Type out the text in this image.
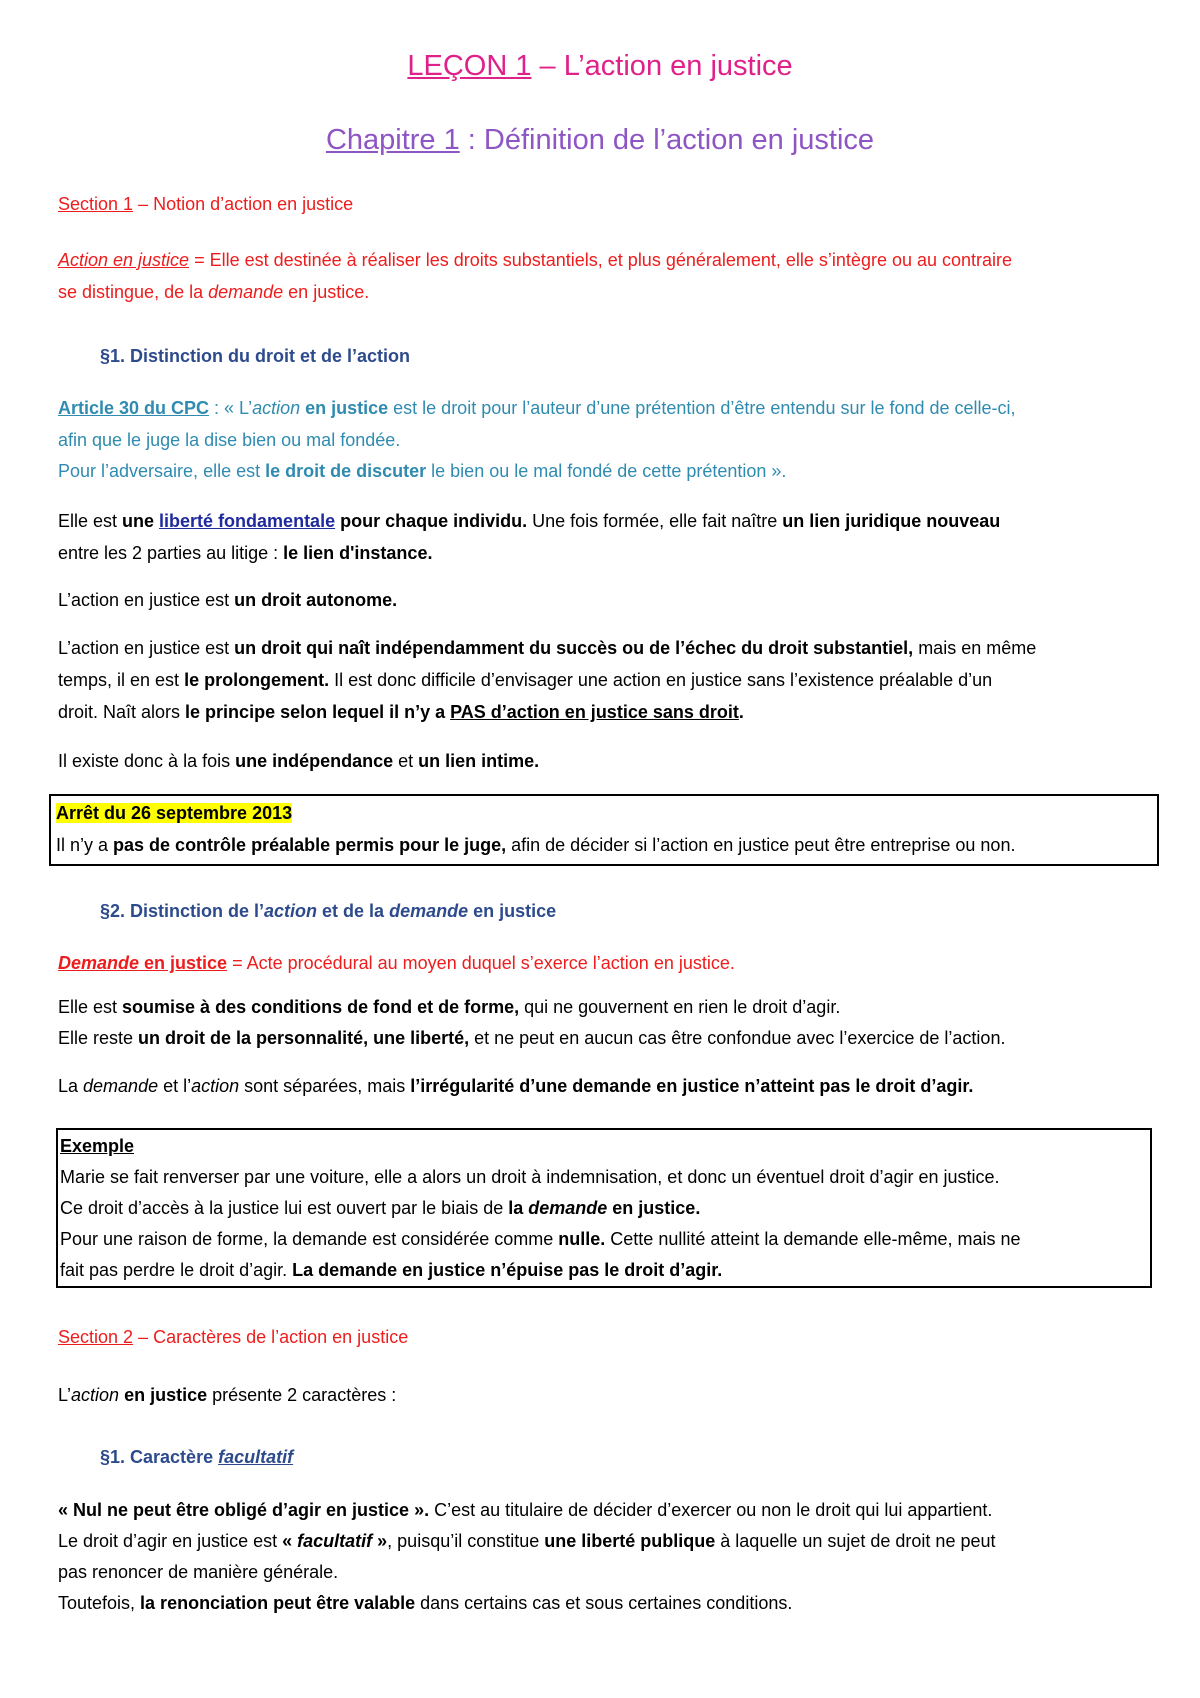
LEÇON 1 – L’action en justice
Chapitre 1 : Définition de l’action en justice
Section 1 – Notion d’action en justice
Action en justice = Elle est destinée à réaliser les droits substantiels, et plus généralement, elle s’intègre ou au contraire
se distingue, de la demande en justice.
§1. Distinction du droit et de l’action
Article 30 du CPC : « L’action en justice est le droit pour l’auteur d’une prétention d’être entendu sur le fond de celle-ci,
afin que le juge la dise bien ou mal fondée.
Pour l’adversaire, elle est le droit de discuter le bien ou le mal fondé de cette prétention ».
Elle est une liberté fondamentale pour chaque individu. Une fois formée, elle fait naître un lien juridique nouveau
entre les 2 parties au litige : le lien d'instance.
L’action en justice est un droit autonome.
L’action en justice est un droit qui naît indépendamment du succès ou de l’échec du droit substantiel, mais en même
temps, il en est le prolongement. Il est donc difficile d’envisager une action en justice sans l’existence préalable d’un
droit. Naît alors le principe selon lequel il n’y a PAS d’action en justice sans droit.
Il existe donc à la fois une indépendance et un lien intime.
Arrêt du 26 septembre 2013
Il n’y a pas de contrôle préalable permis pour le juge, afin de décider si l’action en justice peut être entreprise ou non.
§2. Distinction de l’action et de la demande en justice
Demande en justice = Acte procédural au moyen duquel s’exerce l’action en justice.
Elle est soumise à des conditions de fond et de forme, qui ne gouvernent en rien le droit d’agir.
Elle reste un droit de la personnalité, une liberté, et ne peut en aucun cas être confondue avec l’exercice de l’action.
La demande et l’action sont séparées, mais l’irrégularité d’une demande en justice n’atteint pas le droit d’agir.
Exemple
Marie se fait renverser par une voiture, elle a alors un droit à indemnisation, et donc un éventuel droit d’agir en justice.
Ce droit d’accès à la justice lui est ouvert par le biais de la demande en justice.
Pour une raison de forme, la demande est considérée comme nulle. Cette nullité atteint la demande elle-même, mais ne
fait pas perdre le droit d’agir. La demande en justice n’épuise pas le droit d’agir.
Section 2 – Caractères de l’action en justice
L’action en justice présente 2 caractères :
§1. Caractère facultatif
« Nul ne peut être obligé d’agir en justice ». C’est au titulaire de décider d’exercer ou non le droit qui lui appartient.
Le droit d’agir en justice est « facultatif », puisqu’il constitue une liberté publique à laquelle un sujet de droit ne peut
pas renoncer de manière générale.
Toutefois, la renonciation peut être valable dans certains cas et sous certaines conditions.
